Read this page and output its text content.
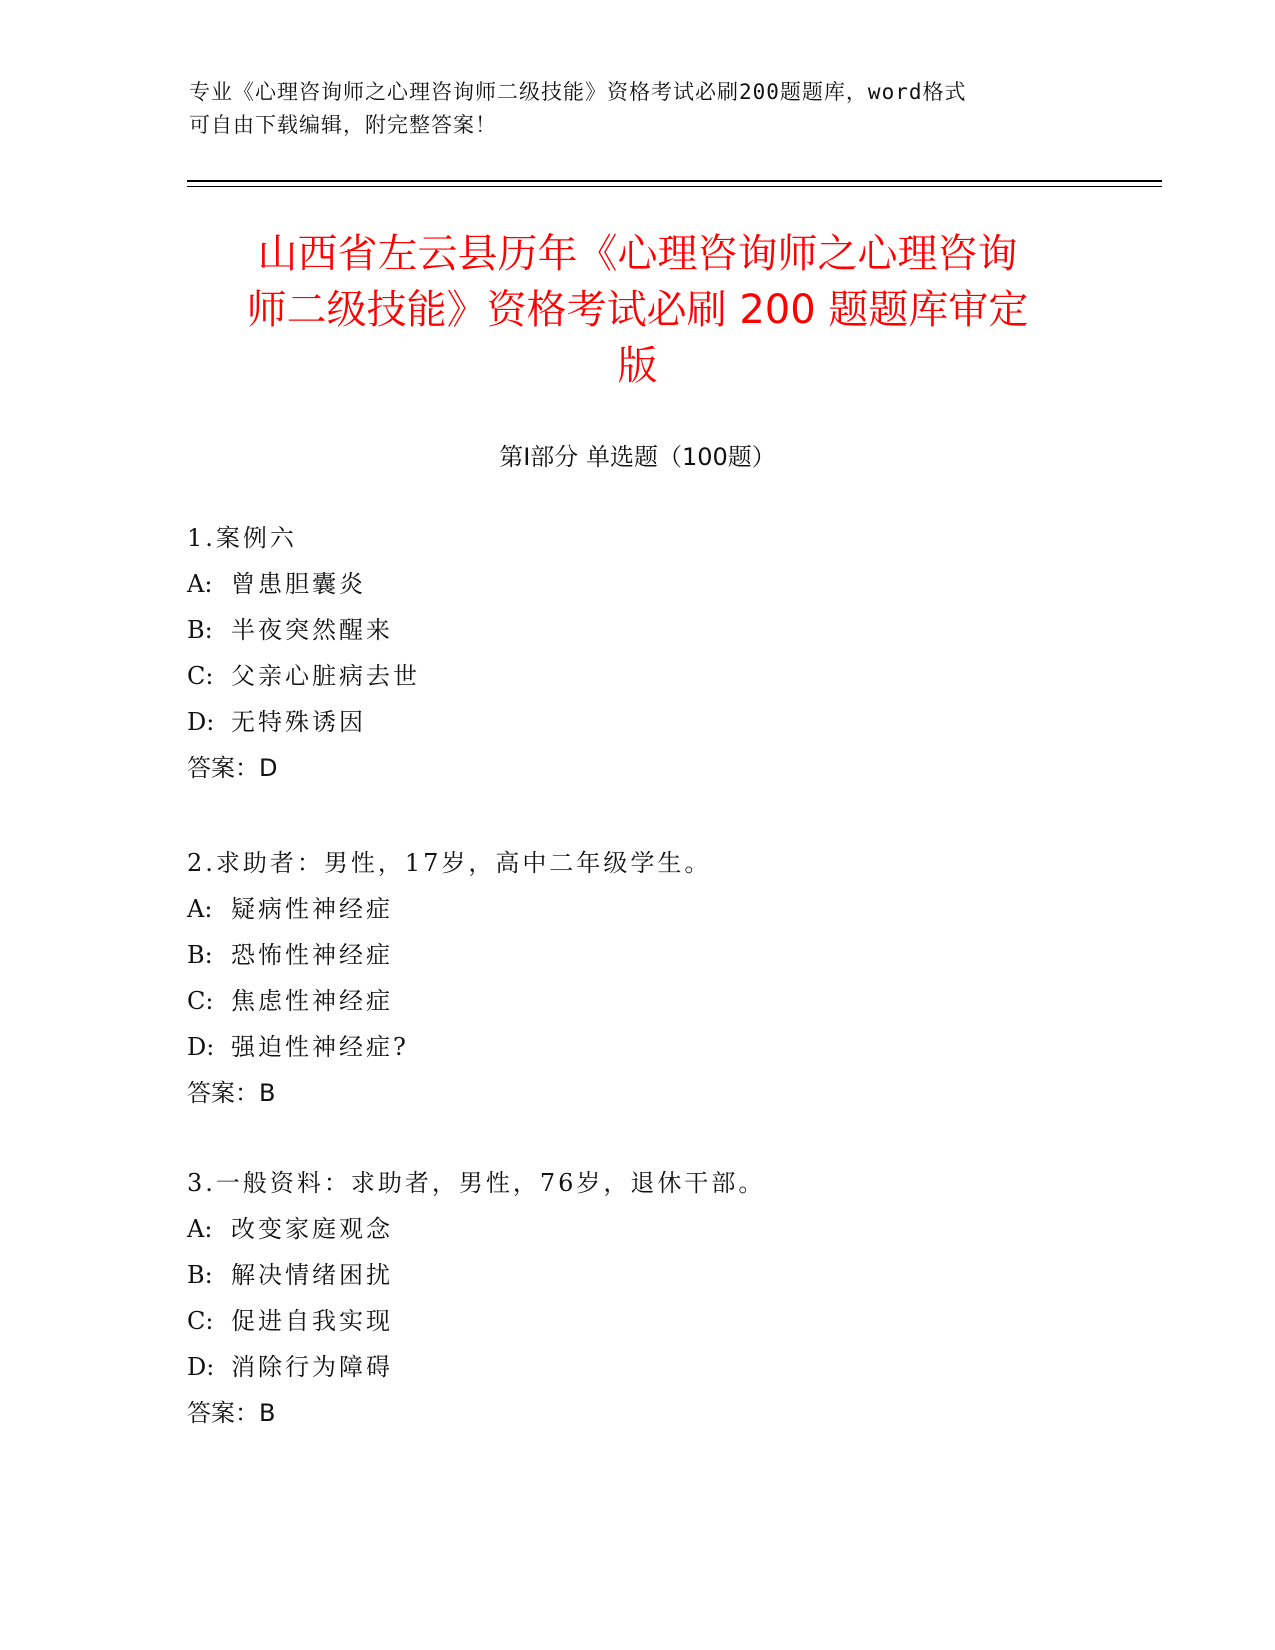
专业《心理咨询师之心理咨询师二级技能》资格考试必刷200题题库，word格式
可自由下载编辑，附完整答案！
山西省左云县历年《心理咨询师之心理咨询
师二级技能》资格考试必刷 200 题题库审定
版
第Ⅰ部分 单选题（100题）
1.案例六
A: 曾患胆囊炎
B: 半夜突然醒来
C: 父亲心脏病去世
D: 无特殊诱因
答案：D
2.求助者：男性，17岁，高中二年级学生。
A: 疑病性神经症
B: 恐怖性神经症
C: 焦虑性神经症
D: 强迫性神经症?
答案：B
3.一般资料：求助者，男性，76岁，退休干部。
A: 改变家庭观念
B: 解决情绪困扰
C: 促进自我实现
D: 消除行为障碍
答案：B
